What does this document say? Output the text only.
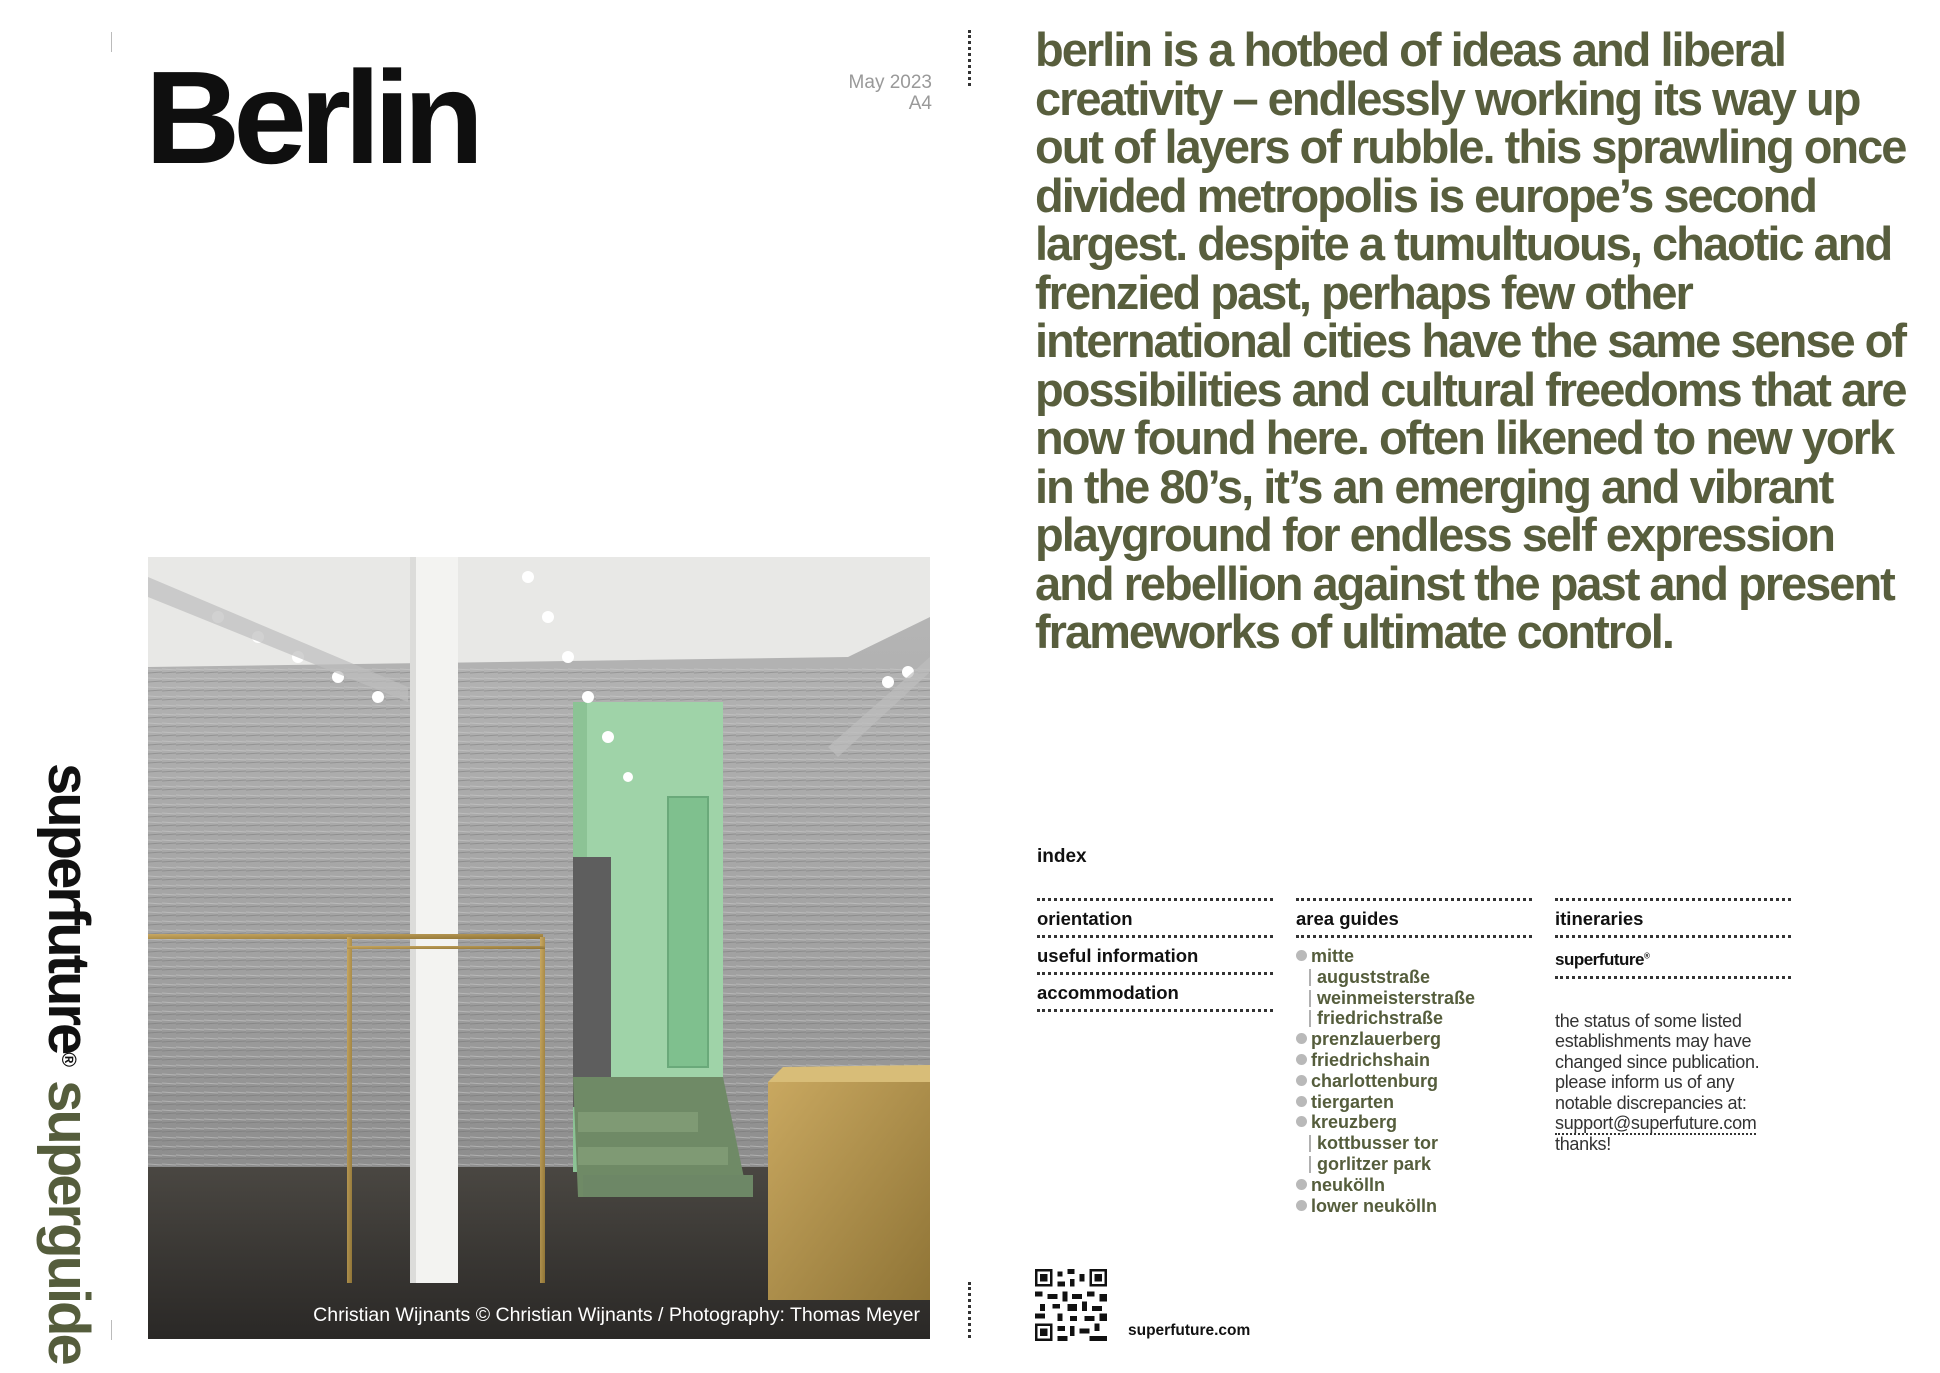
Berlin	May 2023
A4
superfuture® superguide	Christian Wijnants © Christian Wijnants / Photography: Thomas Meyer

berlin is a hotbed of ideas and liberal creativity – endlessly working its way up out of layers of rubble. this sprawling once divided metropolis is europe’s second largest. despite a tumultuous, chaotic and frenzied past, perhaps few other international cities have the same sense of possibilities and cultural freedoms that are now found here. often likened to new york in the 80’s, it’s an emerging and vibrant playground for endless self expression and rebellion against the past and present frameworks of ultimate control.

index
orientation
useful information
accommodation
area guides
mitte
auguststraße
weinmeisterstraße
friedrichstraße
prenzlauerberg
friedrichshain
charlottenburg
tiergarten
kreuzberg
kottbusser tor
gorlitzer park
neukölln
lower neukölln
itineraries
superfuture®
the status of some listed establishments may have changed since publication. please inform us of any notable discrepancies at: support@superfuture.com
thanks!
superfuture.com
